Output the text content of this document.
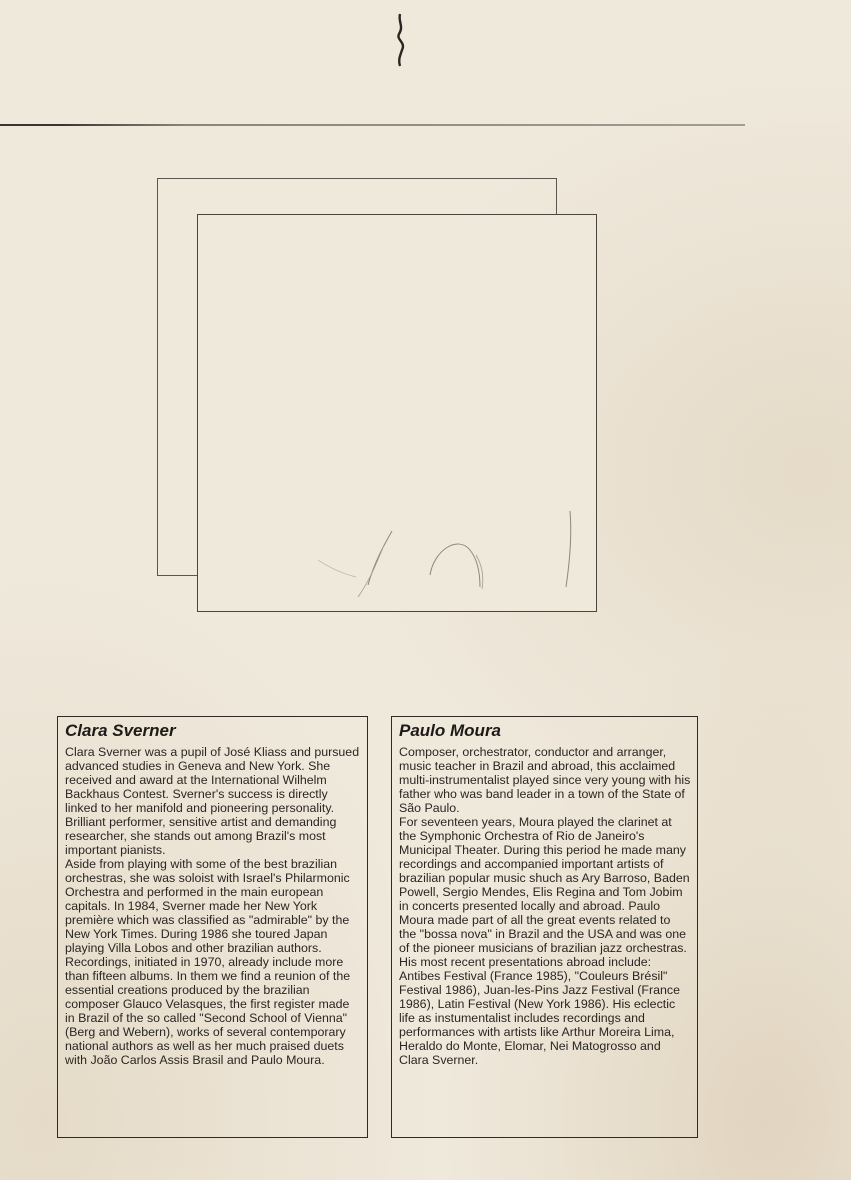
Clara Sverner

Clara Sverner was a pupil of José Kliass and pursued advanced studies in Geneva and New York. She received and award at the International Wilhelm Backhaus Contest. Sverner's success is directly linked to her manifold and pioneering personality. Brilliant performer, sensitive artist and demanding researcher, she stands out among Brazil's most important pianists.

Aside from playing with some of the best brazilian orchestras, she was soloist with Israel's Philarmonic Orchestra and performed in the main european capitals. In 1984, Sverner made her New York première which was classified as "admirable" by the New York Times. During 1986 she toured Japan playing Villa Lobos and other brazilian authors. Recordings, initiated in 1970, already include more than fifteen albums. In them we find a reunion of the essential creations produced by the brazilian composer Glauco Velasques, the first register made in Brazil of the so called "Second School of Vienna" (Berg and Webern), works of several contemporary national authors as well as her much praised duets with João Carlos Assis Brasil and Paulo Moura.

Paulo Moura

Composer, orchestrator, conductor and arranger, music teacher in Brazil and abroad, this acclaimed multi-instrumentalist played since very young with his father who was band leader in a town of the State of São Paulo.

For seventeen years, Moura played the clarinet at the Symphonic Orchestra of Rio de Janeiro's Municipal Theater. During this period he made many recordings and accompanied important artists of brazilian popular music shuch as Ary Barroso, Baden Powell, Sergio Mendes, Elis Regina and Tom Jobim in concerts presented locally and abroad. Paulo Moura made part of all the great events related to the "bossa nova" in Brazil and the USA and was one of the pioneer musicians of brazilian jazz orchestras.

His most recent presentations abroad include: Antibes Festival (France 1985), "Couleurs Brésil" Festival 1986), Juan-les-Pins Jazz Festival (France 1986), Latin Festival (New York 1986). His eclectic life as instumentalist includes recordings and performances with artists like Arthur Moreira Lima, Heraldo do Monte, Elomar, Nei Matogrosso and Clara Sverner.
